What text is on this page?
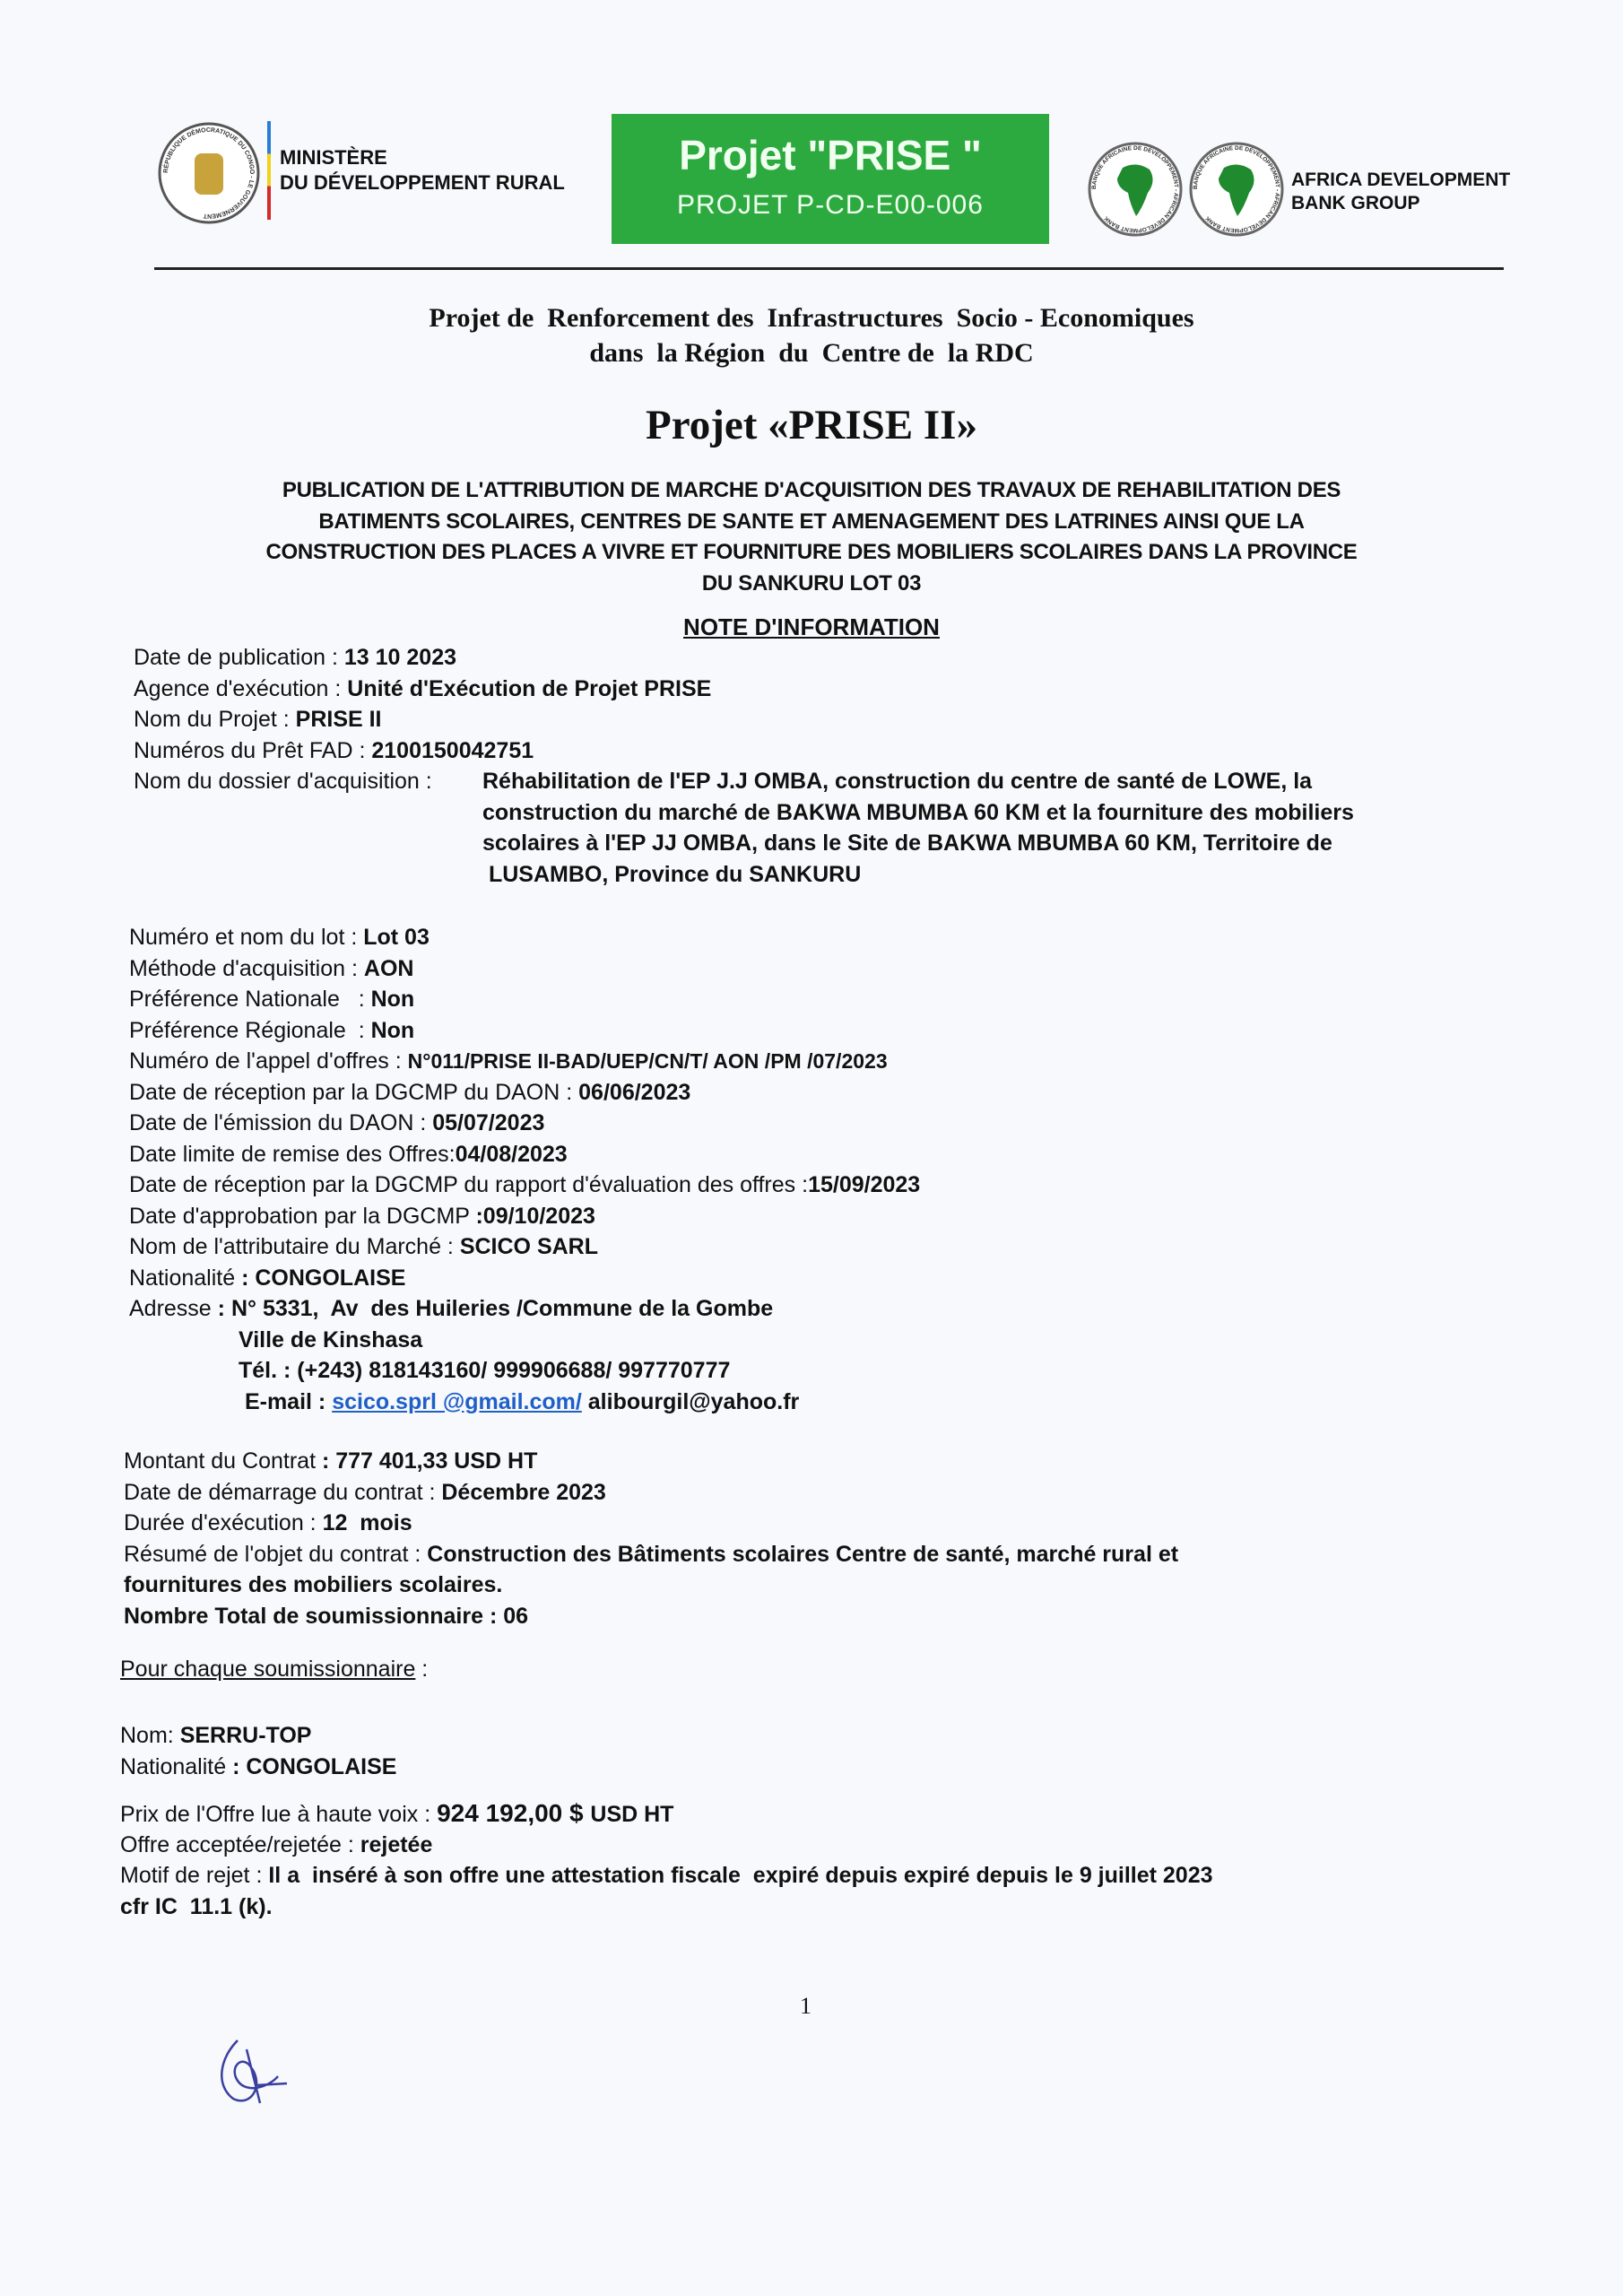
RÉPUBLIQUE DÉMOCRATIQUE DU CONGO - LE GOUVERNEMENT
MINISTÈRE
DU DÉVELOPPEMENT RURAL
Projet "PRISE "
PROJET P-CD-E00-006
BANQUE AFRICAINE DE DÉVELOPPEMENT - AFRICAN DEVELOPMENT BANK
BANQUE AFRICAINE DE DÉVELOPPEMENT - AFRICAN DEVELOPMENT BANK
AFRICA DEVELOPMENT
BANK GROUP
Projet de  Renforcement des  Infrastructures  Socio - Economiques
dans  la Région  du  Centre de  la RDC
Projet «PRISE II»
PUBLICATION DE L'ATTRIBUTION DE MARCHE D'ACQUISITION DES TRAVAUX DE REHABILITATION DES
BATIMENTS SCOLAIRES, CENTRES DE SANTE ET AMENAGEMENT DES LATRINES AINSI QUE LA
CONSTRUCTION DES PLACES A VIVRE ET FOURNITURE DES MOBILIERS SCOLAIRES DANS LA PROVINCE
DU SANKURU LOT 03
NOTE D'INFORMATION
Date de publication : 13 10 2023
Agence d'exécution : Unité d'Exécution de Projet PRISE
Nom du Projet : PRISE II
Numéros du Prêt FAD : 2100150042751
Nom du dossier d'acquisition : Réhabilitation de l'EP J.J OMBA, construction du centre de santé de LOWE, la
construction du marché de BAKWA MBUMBA 60 KM et la fourniture des mobiliers
scolaires à l'EP JJ OMBA, dans le Site de BAKWA MBUMBA 60 KM, Territoire de
LUSAMBO, Province du SANKURU
Numéro et nom du lot : Lot 03
Méthode d'acquisition : AON
Préférence Nationale   : Non
Préférence Régionale  : Non
Numéro de l'appel d'offres : N°011/PRISE II-BAD/UEP/CN/T/ AON /PM /07/2023
Date de réception par la DGCMP du DAON : 06/06/2023
Date de l'émission du DAON : 05/07/2023
Date limite de remise des Offres:04/08/2023
Date de réception par la DGCMP du rapport d'évaluation des offres :15/09/2023
Date d'approbation par la DGCMP :09/10/2023
Nom de l'attributaire du Marché : SCICO SARL
Nationalité : CONGOLAISE
Adresse : N° 5331,  Av  des Huileries /Commune de la Gombe
Ville de Kinshasa
Tél. : (+243) 818143160/ 999906688/ 997770777
E-mail : scico.sprl @gmail.com/ alibourgil@yahoo.fr
Montant du Contrat : 777 401,33 USD HT
Date de démarrage du contrat : Décembre 2023
Durée d'exécution : 12  mois
Résumé de l'objet du contrat : Construction des Bâtiments scolaires Centre de santé, marché rural et
fournitures des mobiliers scolaires.
Nombre Total de soumissionnaire : 06
Pour chaque soumissionnaire :
Nom: SERRU-TOP
Nationalité : CONGOLAISE
Prix de l'Offre lue à haute voix : 924 192,00 $ USD HT
Offre acceptée/rejetée : rejetée
Motif de rejet : Il a  inséré à son offre une attestation fiscale  expiré depuis expiré depuis le 9 juillet 2023
cfr IC  11.1 (k).
1
